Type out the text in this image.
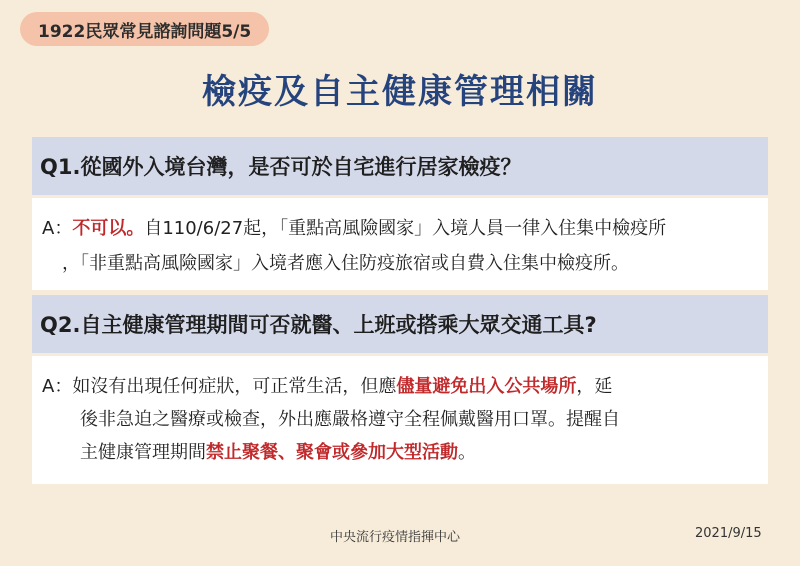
1922民眾常見諮詢問題5/5
檢疫及自主健康管理相關
Q1.從國外入境台灣，是否可於自宅進行居家檢疫？
A：不可以。自110/6/27起，「重點高風險國家」入境人員一律入住集中檢疫所
，「非重點高風險國家」入境者應入住防疫旅宿或自費入住集中檢疫所。
Q2.自主健康管理期間可否就醫、上班或搭乘大眾交通工具?
A：如沒有出現任何症狀，可正常生活，但應儘量避免出入公共場所，延
後非急迫之醫療或檢查，外出應嚴格遵守全程佩戴醫用口罩。提醒自
主健康管理期間禁止聚餐、聚會或參加大型活動。
中央流行疫情指揮中心	2021/9/15
